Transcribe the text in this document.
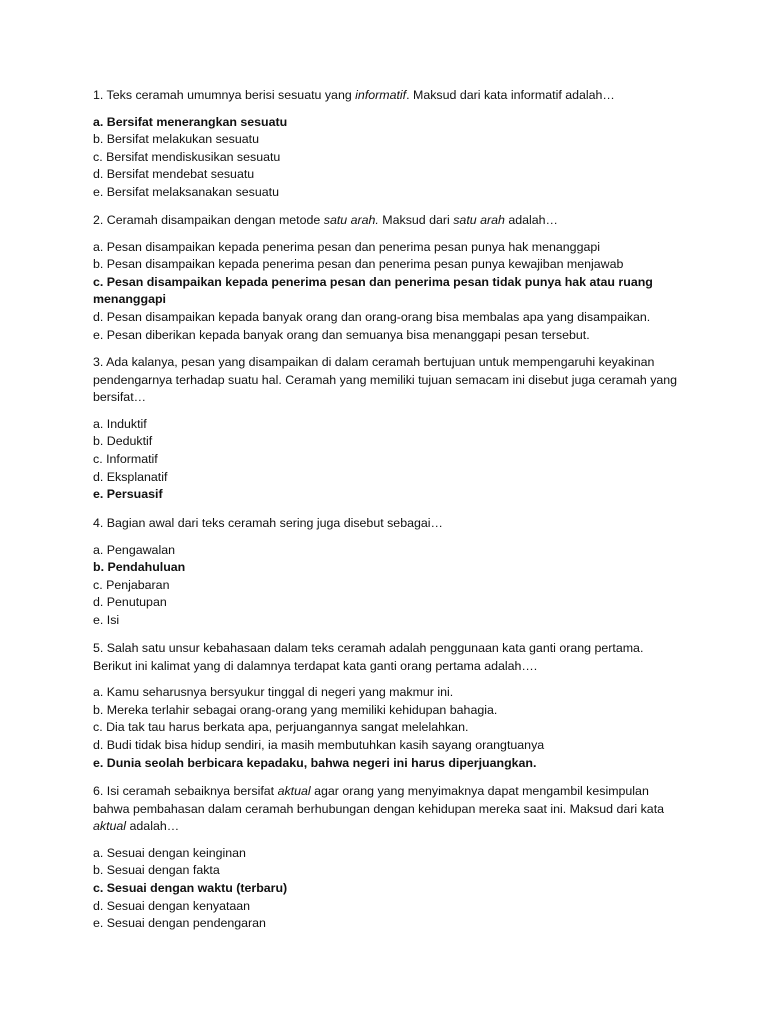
1. Teks ceramah umumnya berisi sesuatu yang informatif. Maksud dari kata informatif adalah…

a. Bersifat menerangkan sesuatu

b. Bersifat melakukan sesuatu

c. Bersifat mendiskusikan sesuatu

d. Bersifat mendebat sesuatu

e. Bersifat melaksanakan sesuatu

2. Ceramah disampaikan dengan metode satu arah. Maksud dari satu arah adalah…

a. Pesan disampaikan kepada penerima pesan dan penerima pesan punya hak menanggapi

b. Pesan disampaikan kepada penerima pesan dan penerima pesan punya kewajiban menjawab

c. Pesan disampaikan kepada penerima pesan dan penerima pesan tidak punya hak atau ruang menanggapi

d. Pesan disampaikan kepada banyak orang dan orang-orang bisa membalas apa yang disampaikan.

e. Pesan diberikan kepada banyak orang dan semuanya bisa menanggapi pesan tersebut.

3. Ada kalanya, pesan yang disampaikan di dalam ceramah bertujuan untuk mempengaruhi keyakinan pendengarnya terhadap suatu hal. Ceramah yang memiliki tujuan semacam ini disebut juga ceramah yang bersifat…

a. Induktif

b. Deduktif

c. Informatif

d. Eksplanatif

e. Persuasif

4. Bagian awal dari teks ceramah sering juga disebut sebagai…

a. Pengawalan

b. Pendahuluan

c. Penjabaran

d. Penutupan

e. Isi

5. Salah satu unsur kebahasaan dalam teks ceramah adalah penggunaan kata ganti orang pertama. Berikut ini kalimat yang di dalamnya terdapat kata ganti orang pertama adalah….

a. Kamu seharusnya bersyukur tinggal di negeri yang makmur ini.

b. Mereka terlahir sebagai orang-orang yang memiliki kehidupan bahagia.

c. Dia tak tau harus berkata apa, perjuangannya sangat melelahkan.

d. Budi tidak bisa hidup sendiri, ia masih membutuhkan kasih sayang orangtuanya

e. Dunia seolah berbicara kepadaku, bahwa negeri ini harus diperjuangkan.

6. Isi ceramah sebaiknya bersifat aktual agar orang yang menyimaknya dapat mengambil kesimpulan bahwa pembahasan dalam ceramah berhubungan dengan kehidupan mereka saat ini. Maksud dari kata aktual adalah…

a. Sesuai dengan keinginan

b. Sesuai dengan fakta

c. Sesuai dengan waktu (terbaru)

d. Sesuai dengan kenyataan

e. Sesuai dengan pendengaran
